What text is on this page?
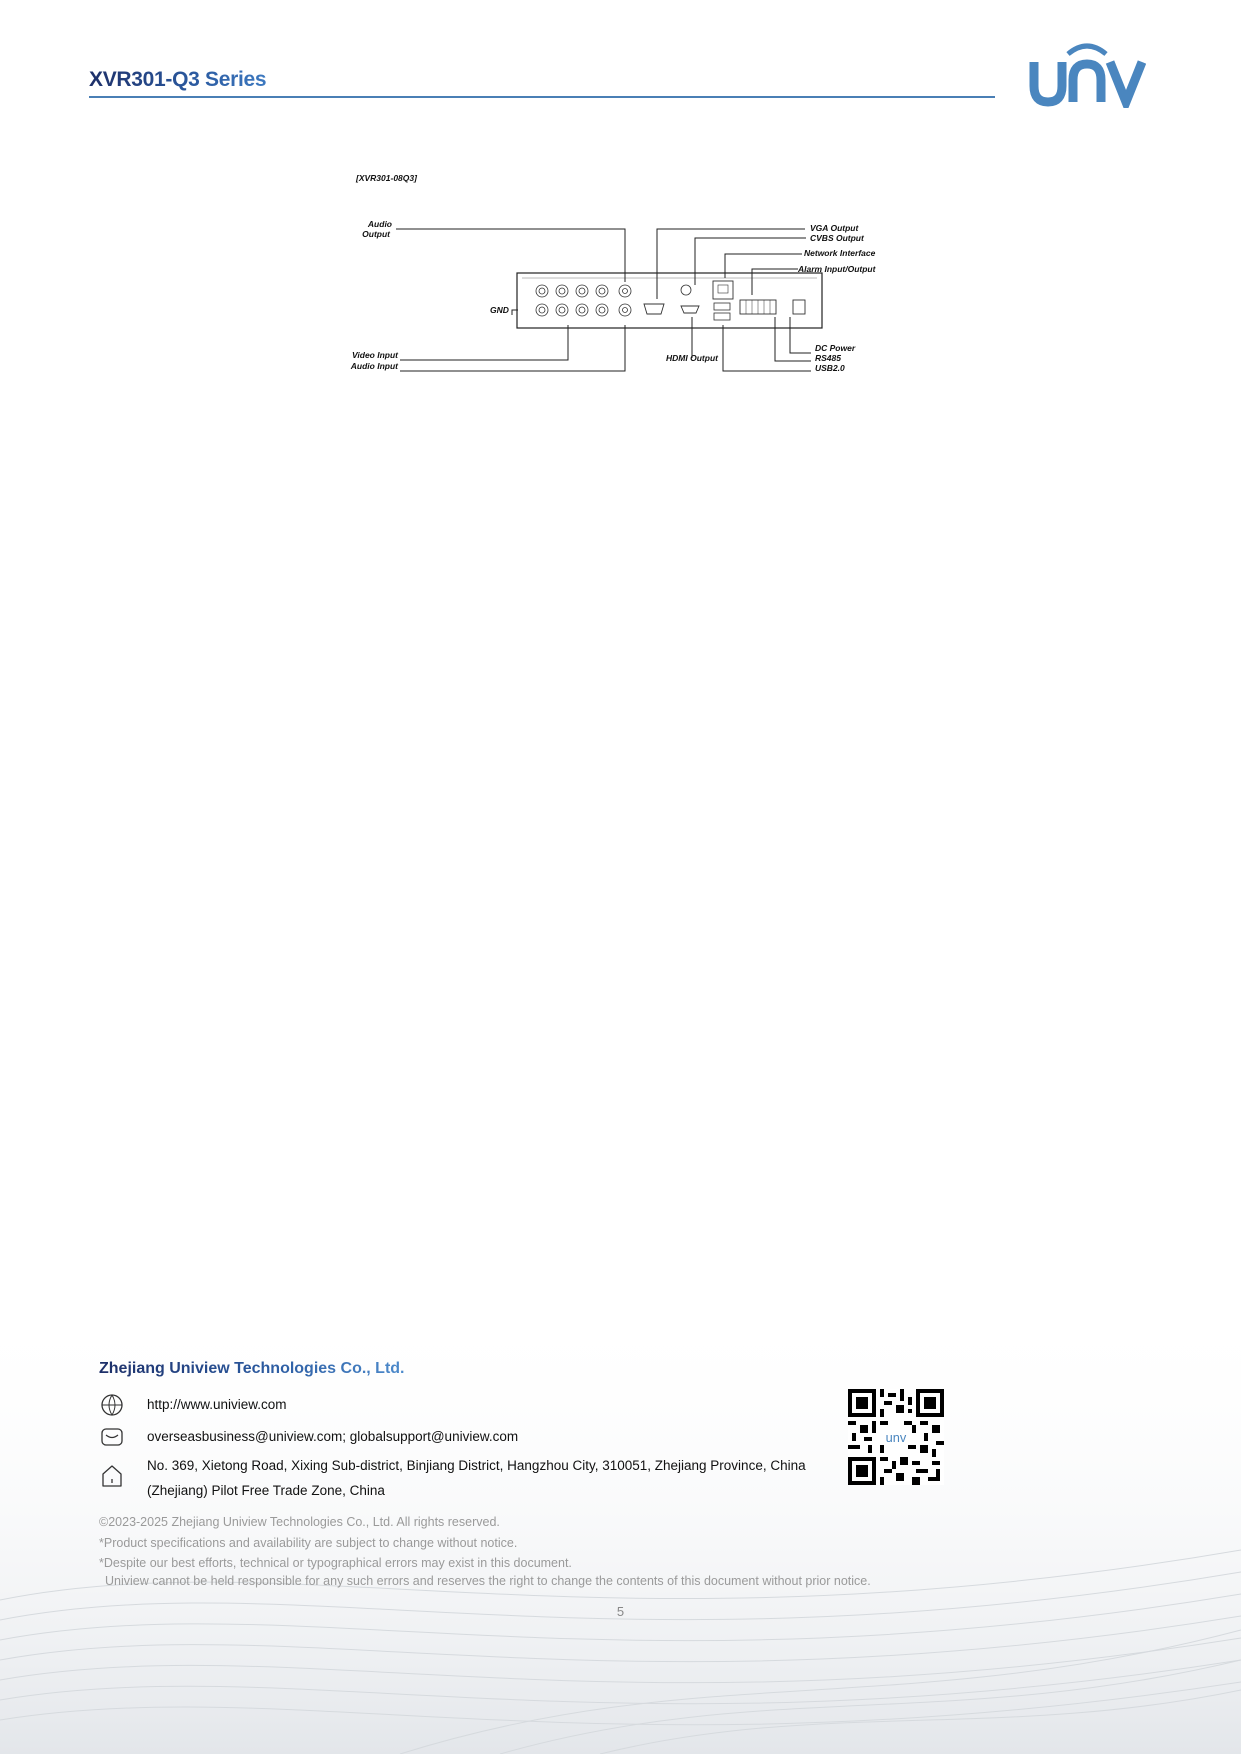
XVR301-Q3 Series
[XVR301-08Q3]
Audio
Output
VGA Output
CVBS Output
Network Interface
Alarm Input/Output
GND
Video Input
Audio Input
HDMI Output
DC Power
RS485
USB2.0
Zhejiang Uniview Technologies Co., Ltd.
http://www.uniview.com
overseasbusiness@uniview.com; globalsupport@uniview.com
No. 369, Xietong Road, Xixing Sub-district, Binjiang District, Hangzhou City, 310051, Zhejiang Province, China
(Zhejiang) Pilot Free Trade Zone, China
unv
©2023-2025 Zhejiang Uniview Technologies Co., Ltd. All rights reserved.
*Product specifications and availability are subject to change without notice.
*Despite our best efforts, technical or typographical errors may exist in this document.
Uniview cannot be held responsible for any such errors and reserves the right to change the contents of this document without prior notice.
5
